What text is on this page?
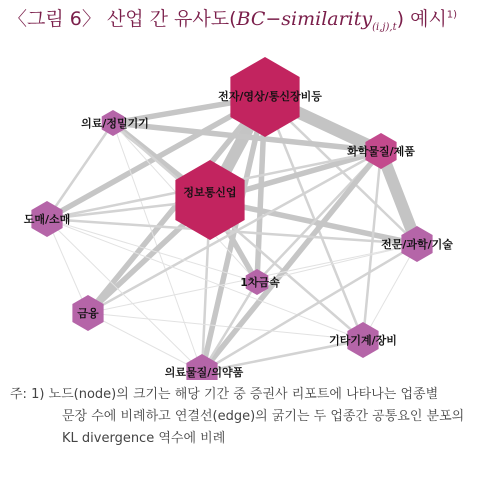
〈그림 6〉 산업 간 유사도(BC−similarity$_{(i,j),t}$) 예시$^{1)}$
전자/영상/통신장비등
의료/정밀기기
화학물질/제품
정보통신업
도매/소매
전문/과학/기술
1차금속
금융
기타기계/장비
의료물질/의약품
주: 1) 노드(node)의 크기는 해당 기간 중 증권사 리포트에 나타나는 업종별
문장 수에 비례하고 연결선(edge)의 굵기는 두 업종간 공통요인 분포의
KL divergence 역수에 비례
